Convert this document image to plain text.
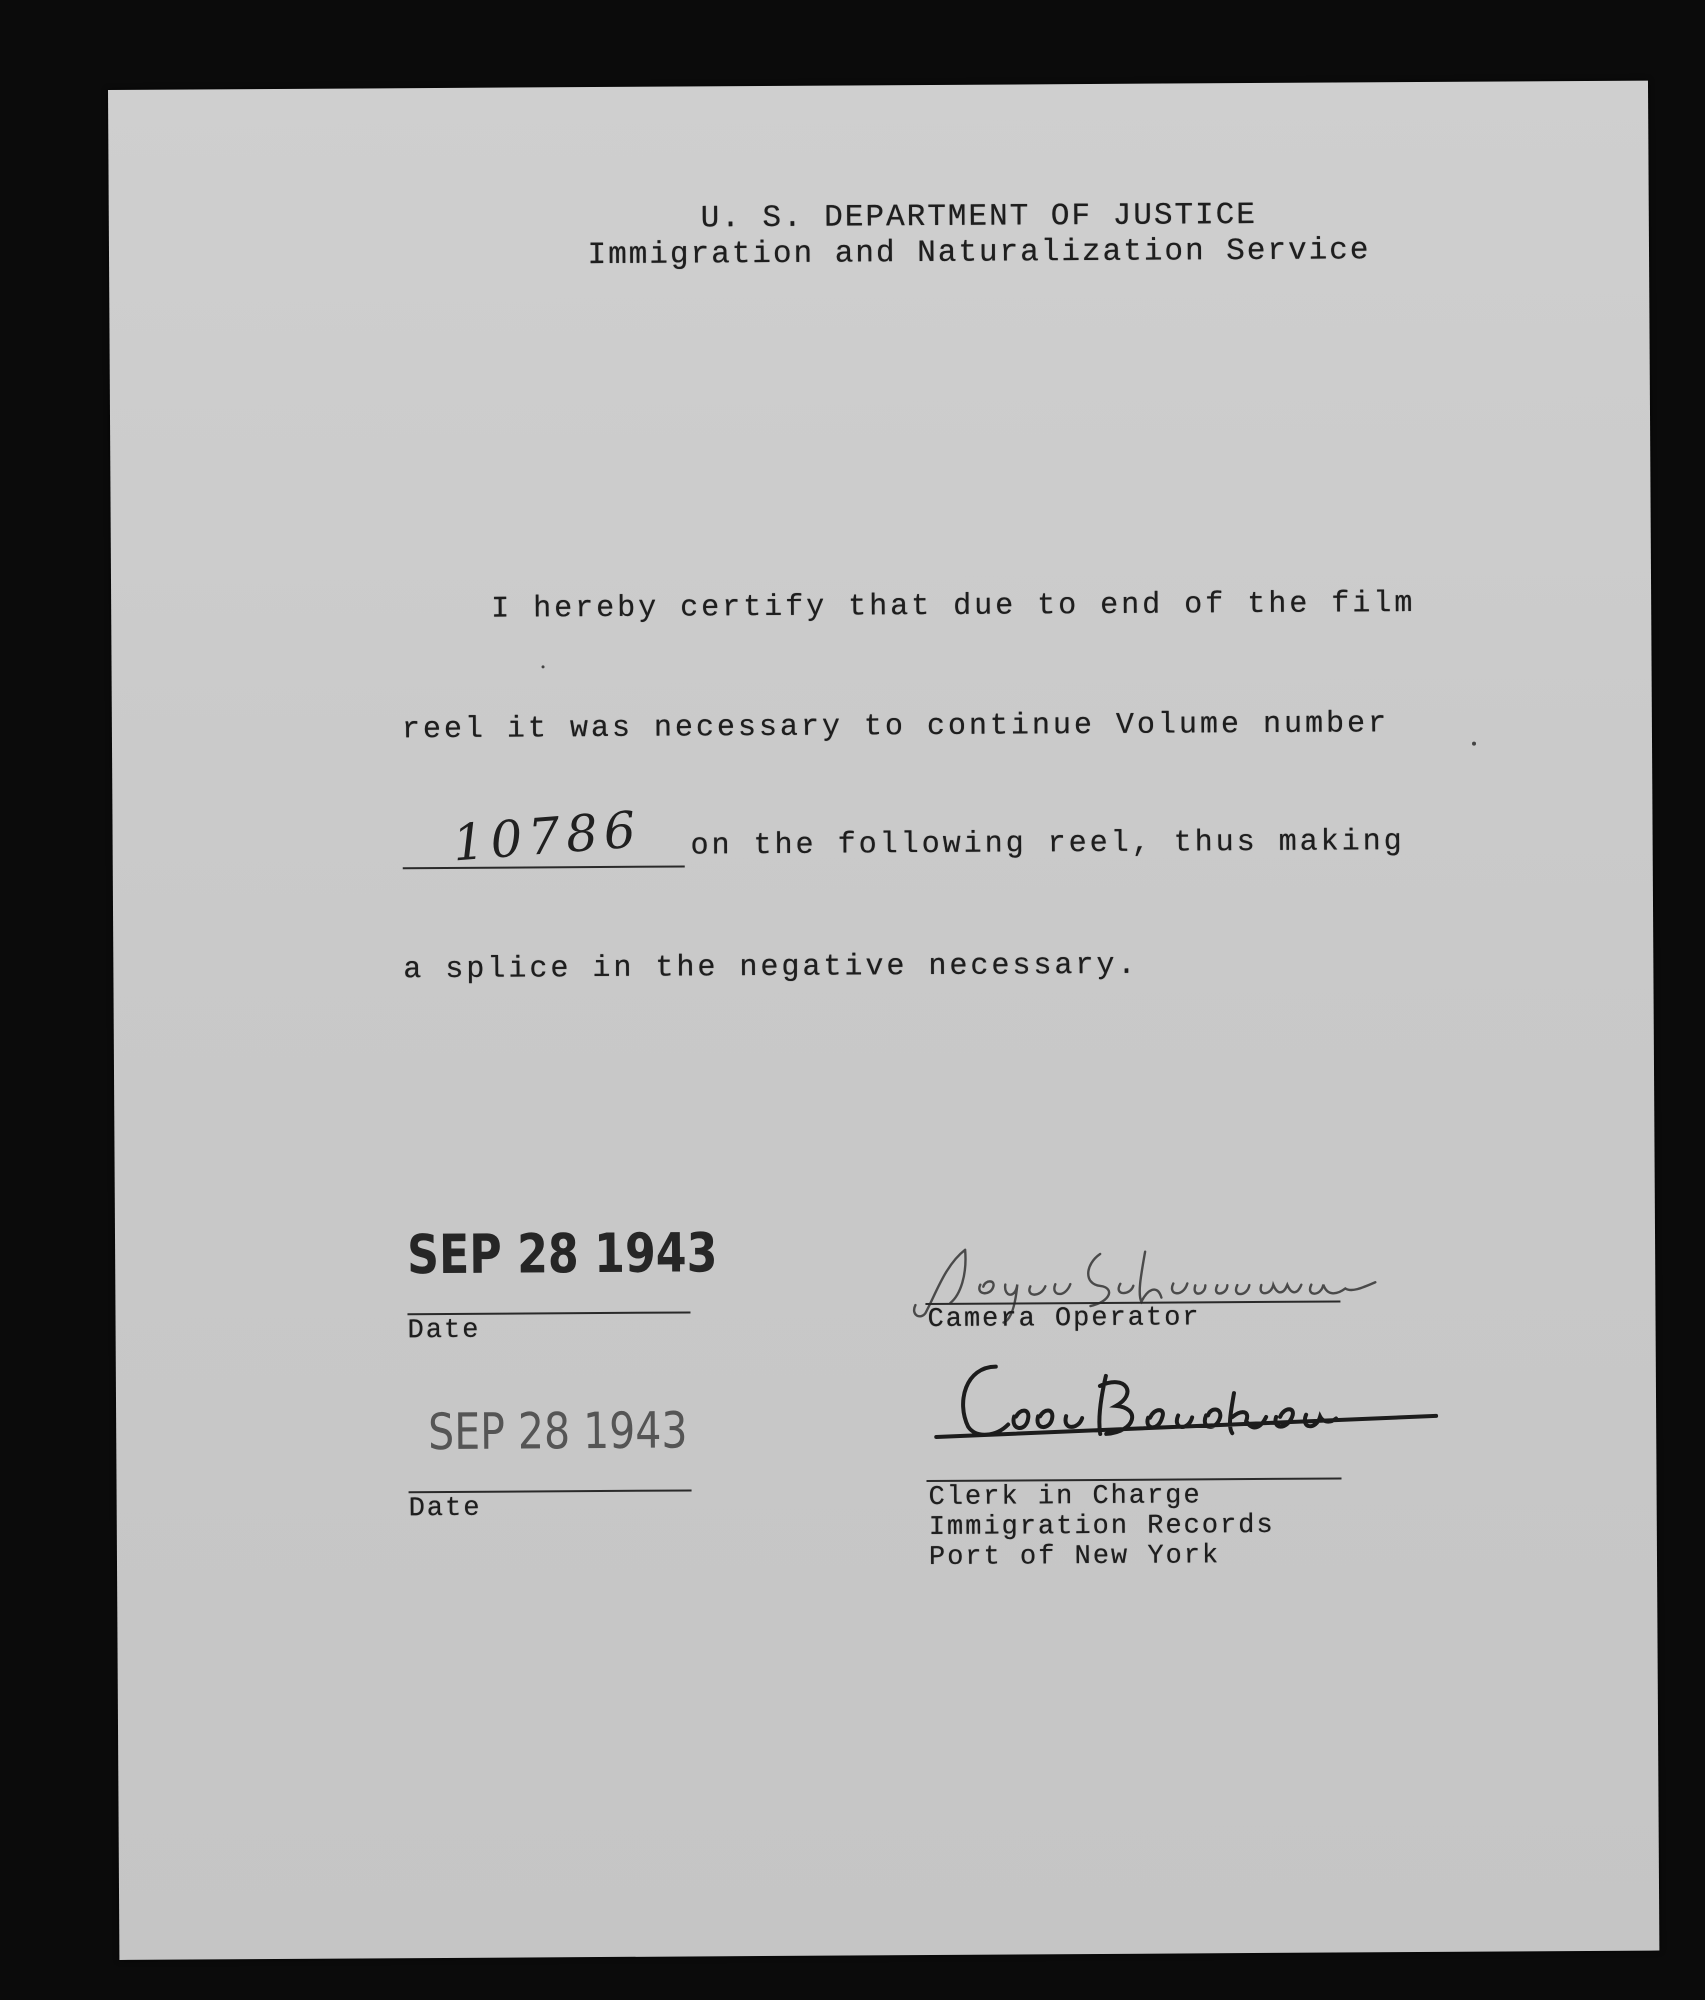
U. S. DEPARTMENT OF JUSTICE
Immigration and Naturalization Service
I hereby certify that due to end of the film
reel it was necessary to continue Volume number
10786 on the following reel, thus making
a splice in the negative necessary.
SEP 28 1943
Date	Camera Operator
SEP 28 1943
Date	Clerk in Charge
Immigration Records
Port of New York
